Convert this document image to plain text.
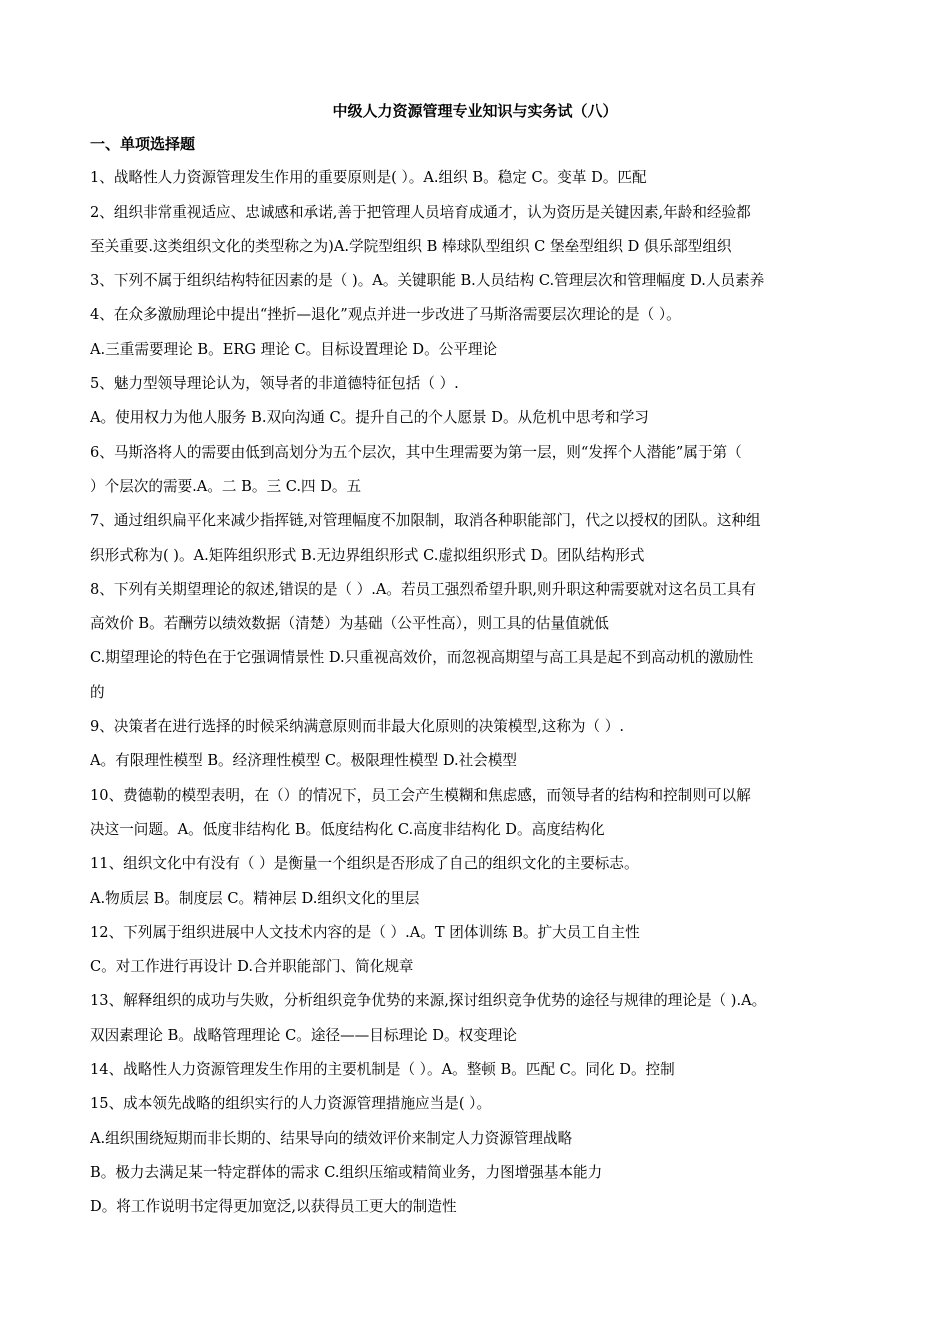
中级人力资源管理专业知识与实务试（八）
一、单项选择题
1、战略性人力资源管理发生作用的重要原则是( ）。A.组织 B。稳定 C。变革 D。匹配
2、组织非常重视适应、忠诚感和承诺,善于把管理人员培育成通才，认为资历是关键因素,年龄和经验都
至关重要.这类组织文化的类型称之为)A.学院型组织 B 棒球队型组织 C 堡垒型组织 D 俱乐部型组织
3、下列不属于组织结构特征因素的是（ )。A。关键职能 B.人员结构 C.管理层次和管理幅度 D.人员素养
4、在众多激励理论中提出“挫折—退化”观点并进一步改进了马斯洛需要层次理论的是（ ）。
A.三重需要理论 B。ERG 理论 C。目标设置理论 D。公平理论
5、魅力型领导理论认为，领导者的非道德特征包括（ ）.
A。使用权力为他人服务 B.双向沟通 C。提升自己的个人愿景 D。从危机中思考和学习
6、马斯洛将人的需要由低到高划分为五个层次，其中生理需要为第一层，则“发挥个人潜能”属于第（
）个层次的需要.A。二 B。三 C.四 D。五
7、通过组织扁平化来减少指挥链,对管理幅度不加限制，取消各种职能部门，代之以授权的团队。这种组
织形式称为( )。A.矩阵组织形式 B.无边界组织形式 C.虚拟组织形式 D。团队结构形式
8、下列有关期望理论的叙述,错误的是（ ）.A。若员工强烈希望升职,则升职这种需要就对这名员工具有
高效价 B。若酬劳以绩效数据（清楚）为基础（公平性高），则工具的估量值就低
C.期望理论的特色在于它强调情景性 D.只重视高效价，而忽视高期望与高工具是起不到高动机的激励性
的
9、决策者在进行选择的时候采纳满意原则而非最大化原则的决策模型,这称为（ ）.
A。有限理性模型 B。经济理性模型 C。极限理性模型 D.社会模型
10、费德勒的模型表明，在（）的情况下，员工会产生模糊和焦虑感，而领导者的结构和控制则可以解
决这一问题。A。低度非结构化 B。低度结构化 C.高度非结构化 D。高度结构化
11、组织文化中有没有（ ）是衡量一个组织是否形成了自己的组织文化的主要标志。
A.物质层 B。制度层 C。精神层 D.组织文化的里层
12、下列属于组织进展中人文技术内容的是（ ）.A。T 团体训练 B。扩大员工自主性
C。对工作进行再设计 D.合并职能部门、简化规章
13、解释组织的成功与失败，分析组织竞争优势的来源,探讨组织竞争优势的途径与规律的理论是（ ).A。
双因素理论 B。战略管理理论 C。途径——目标理论 D。权变理论
14、战略性人力资源管理发生作用的主要机制是（ ）。A。整顿 B。匹配 C。同化 D。控制
15、成本领先战略的组织实行的人力资源管理措施应当是( ）。
A.组织围绕短期而非长期的、结果导向的绩效评价来制定人力资源管理战略
B。极力去满足某一特定群体的需求 C.组织压缩或精简业务，力图增强基本能力
D。将工作说明书定得更加宽泛,以获得员工更大的制造性
